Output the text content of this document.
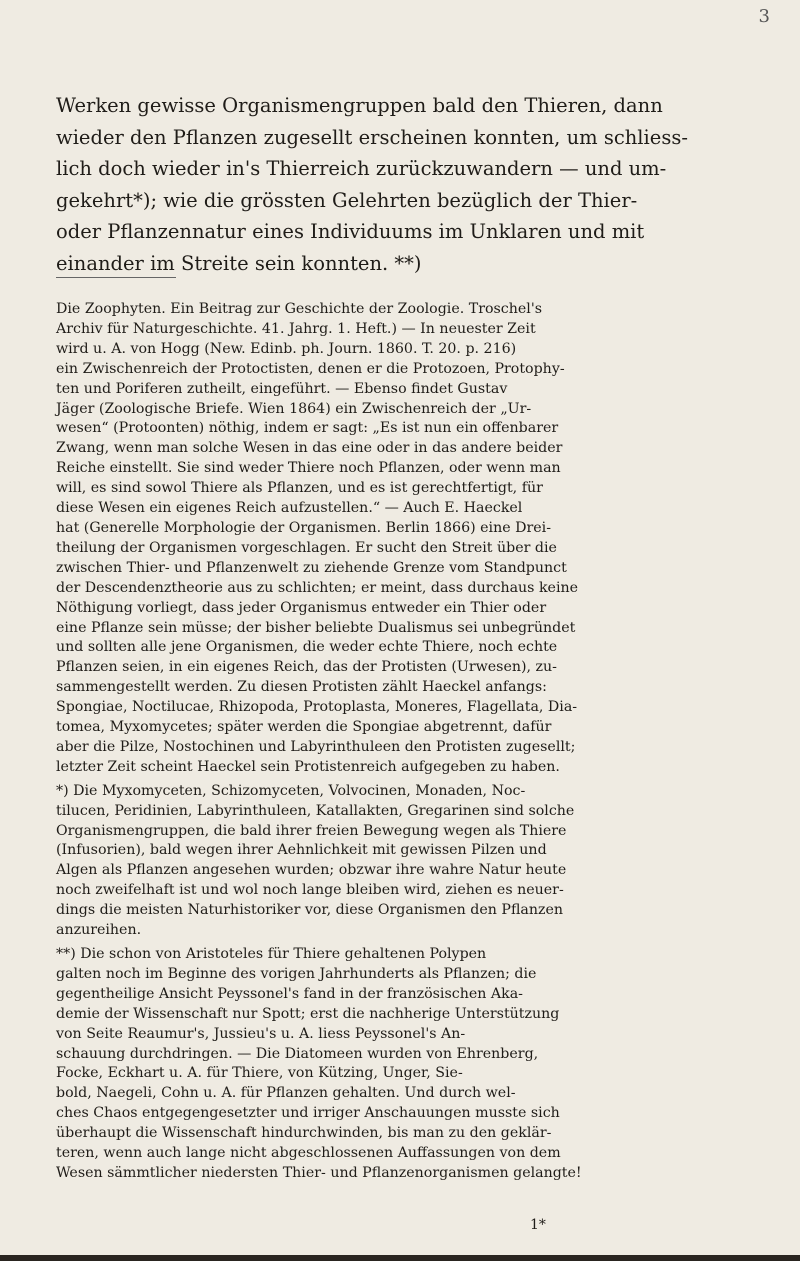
3
Werken gewisse Organismengruppen bald den Thieren, dann
wieder den Pflanzen zugesellt erscheinen konnten, um schliess-
lich doch wieder in's Thierreich zurückzuwandern — und um-
gekehrt*); wie die grössten Gelehrten bezüglich der Thier-
oder Pflanzennatur eines Individuums im Unklaren und mit
einander im Streite sein konnten. **)
Die Zoophyten. Ein Beitrag zur Geschichte der Zoologie. Troschel's
Archiv für Naturgeschichte. 41. Jahrg. 1. Heft.) — In neuester Zeit
wird u. A. von Hogg (New. Edinb. ph. Journ. 1860. T. 20. p. 216)
ein Zwischenreich der Protoctisten, denen er die Protozoen, Protophy-
ten und Poriferen zutheilt, eingeführt. — Ebenso findet Gustav
Jäger (Zoologische Briefe. Wien 1864) ein Zwischenreich der „Ur-
wesen“ (Protoonten) nöthig, indem er sagt: „Es ist nun ein offenbarer
Zwang, wenn man solche Wesen in das eine oder in das andere beider
Reiche einstellt. Sie sind weder Thiere noch Pflanzen, oder wenn man
will, es sind sowol Thiere als Pflanzen, und es ist gerechtfertigt, für
diese Wesen ein eigenes Reich aufzustellen.“ — Auch E. Haeckel
hat (Generelle Morphologie der Organismen. Berlin 1866) eine Drei-
theilung der Organismen vorgeschlagen. Er sucht den Streit über die
zwischen Thier- und Pflanzenwelt zu ziehende Grenze vom Standpunct
der Descendenztheorie aus zu schlichten; er meint, dass durchaus keine
Nöthigung vorliegt, dass jeder Organismus entweder ein Thier oder
eine Pflanze sein müsse; der bisher beliebte Dualismus sei unbegründet
und sollten alle jene Organismen, die weder echte Thiere, noch echte
Pflanzen seien, in ein eigenes Reich, das der Protisten (Urwesen), zu-
sammengestellt werden. Zu diesen Protisten zählt Haeckel anfangs:
Spongiae, Noctilucae, Rhizopoda, Protoplasta, Moneres, Flagellata, Dia-
tomea, Myxomycetes; später werden die Spongiae abgetrennt, dafür
aber die Pilze, Nostochinen und Labyrinthuleen den Protisten zugesellt;
letzter Zeit scheint Haeckel sein Protistenreich aufgegeben zu haben.
*) Die Myxomyceten, Schizomyceten, Volvocinen, Monaden, Noc-
tilucen, Peridinien, Labyrinthuleen, Katallakten, Gregarinen sind solche
Organismengruppen, die bald ihrer freien Bewegung wegen als Thiere
(Infusorien), bald wegen ihrer Aehnlichkeit mit gewissen Pilzen und
Algen als Pflanzen angesehen wurden; obzwar ihre wahre Natur heute
noch zweifelhaft ist und wol noch lange bleiben wird, ziehen es neuer-
dings die meisten Naturhistoriker vor, diese Organismen den Pflanzen
anzureihen.
**) Die schon von Aristoteles für Thiere gehaltenen Polypen
galten noch im Beginne des vorigen Jahrhunderts als Pflanzen; die
gegentheilige Ansicht Peyssonel's fand in der französischen Aka-
demie der Wissenschaft nur Spott; erst die nachherige Unterstützung
von Seite Reaumur's, Jussieu's u. A. liess Peyssonel's An-
schauung durchdringen. — Die Diatomeen wurden von Ehrenberg,
Focke, Eckhart u. A. für Thiere, von Kützing, Unger, Sie-
bold, Naegeli, Cohn u. A. für Pflanzen gehalten. Und durch wel-
ches Chaos entgegengesetzter und irriger Anschauungen musste sich
überhaupt die Wissenschaft hindurchwinden, bis man zu den geklär-
teren, wenn auch lange nicht abgeschlossenen Auffassungen von dem
Wesen sämmtlicher niedersten Thier- und Pflanzenorganismen gelangte!
1*
